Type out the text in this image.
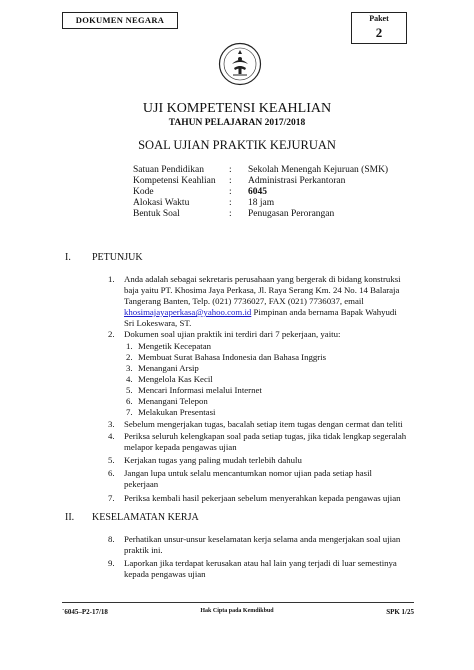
DOKUMEN NEGARA	Paket
2
UJI KOMPETENSI KEAHLIAN
TAHUN PELAJARAN 2017/2018
SOAL UJIAN PRAKTIK KEJURUAN
Satuan Pendidikan	: Sekolah Menengah Kejuruan (SMK)
Kompetensi Keahlian : Administrasi Perkantoran
Kode	: 6045
Alokasi Waktu	: 18 jam
Bentuk Soal	: Penugasan Perorangan
I. PETUNJUK
1. Anda adalah sebagai sekretaris perusahaan yang bergerak di bidang konstruksi
baja yaitu PT. Khosima Jaya Perkasa, Jl. Raya Serang Km. 24 No. 14 Balaraja
Tangerang Banten, Telp. (021) 7736027, FAX (021) 7736037, email
khosimajayaperkasa@yahoo.com.id Pimpinan anda bernama Bapak Wahyudi
Sri Lokeswara, ST.
2. Dokumen soal ujian praktik ini terdiri dari 7 pekerjaan, yaitu:
1. Mengetik Kecepatan
2. Membuat Surat Bahasa Indonesia dan Bahasa Inggris
3. Menangani Arsip
4. Mengelola Kas Kecil
5. Mencari Informasi melalui Internet
6. Menangani Telepon
7. Melakukan Presentasi
3. Sebelum mengerjakan tugas, bacalah setiap item tugas dengan cermat dan teliti
4. Periksa seluruh kelengkapan soal pada setiap tugas, jika tidak lengkap segeralah
melapor kepada pengawas ujian
5. Kerjakan tugas yang paling mudah terlebih dahulu
6. Jangan lupa untuk selalu mencantumkan nomor ujian pada setiap hasil
pekerjaan
7. Periksa kembali hasil pekerjaan sebelum menyerahkan kepada pengawas ujian
II. KESELAMATAN KERJA
8. Perhatikan unsur-unsur keselamatan kerja selama anda mengerjakan soal ujian
praktik ini.
9. Laporkan jika terdapat kerusakan atau hal lain yang terjadi di luar semestinya
kepada pengawas ujian
`6045–P2-17/18	Hak Cipta pada Kemdikbud	SPK 1/25
